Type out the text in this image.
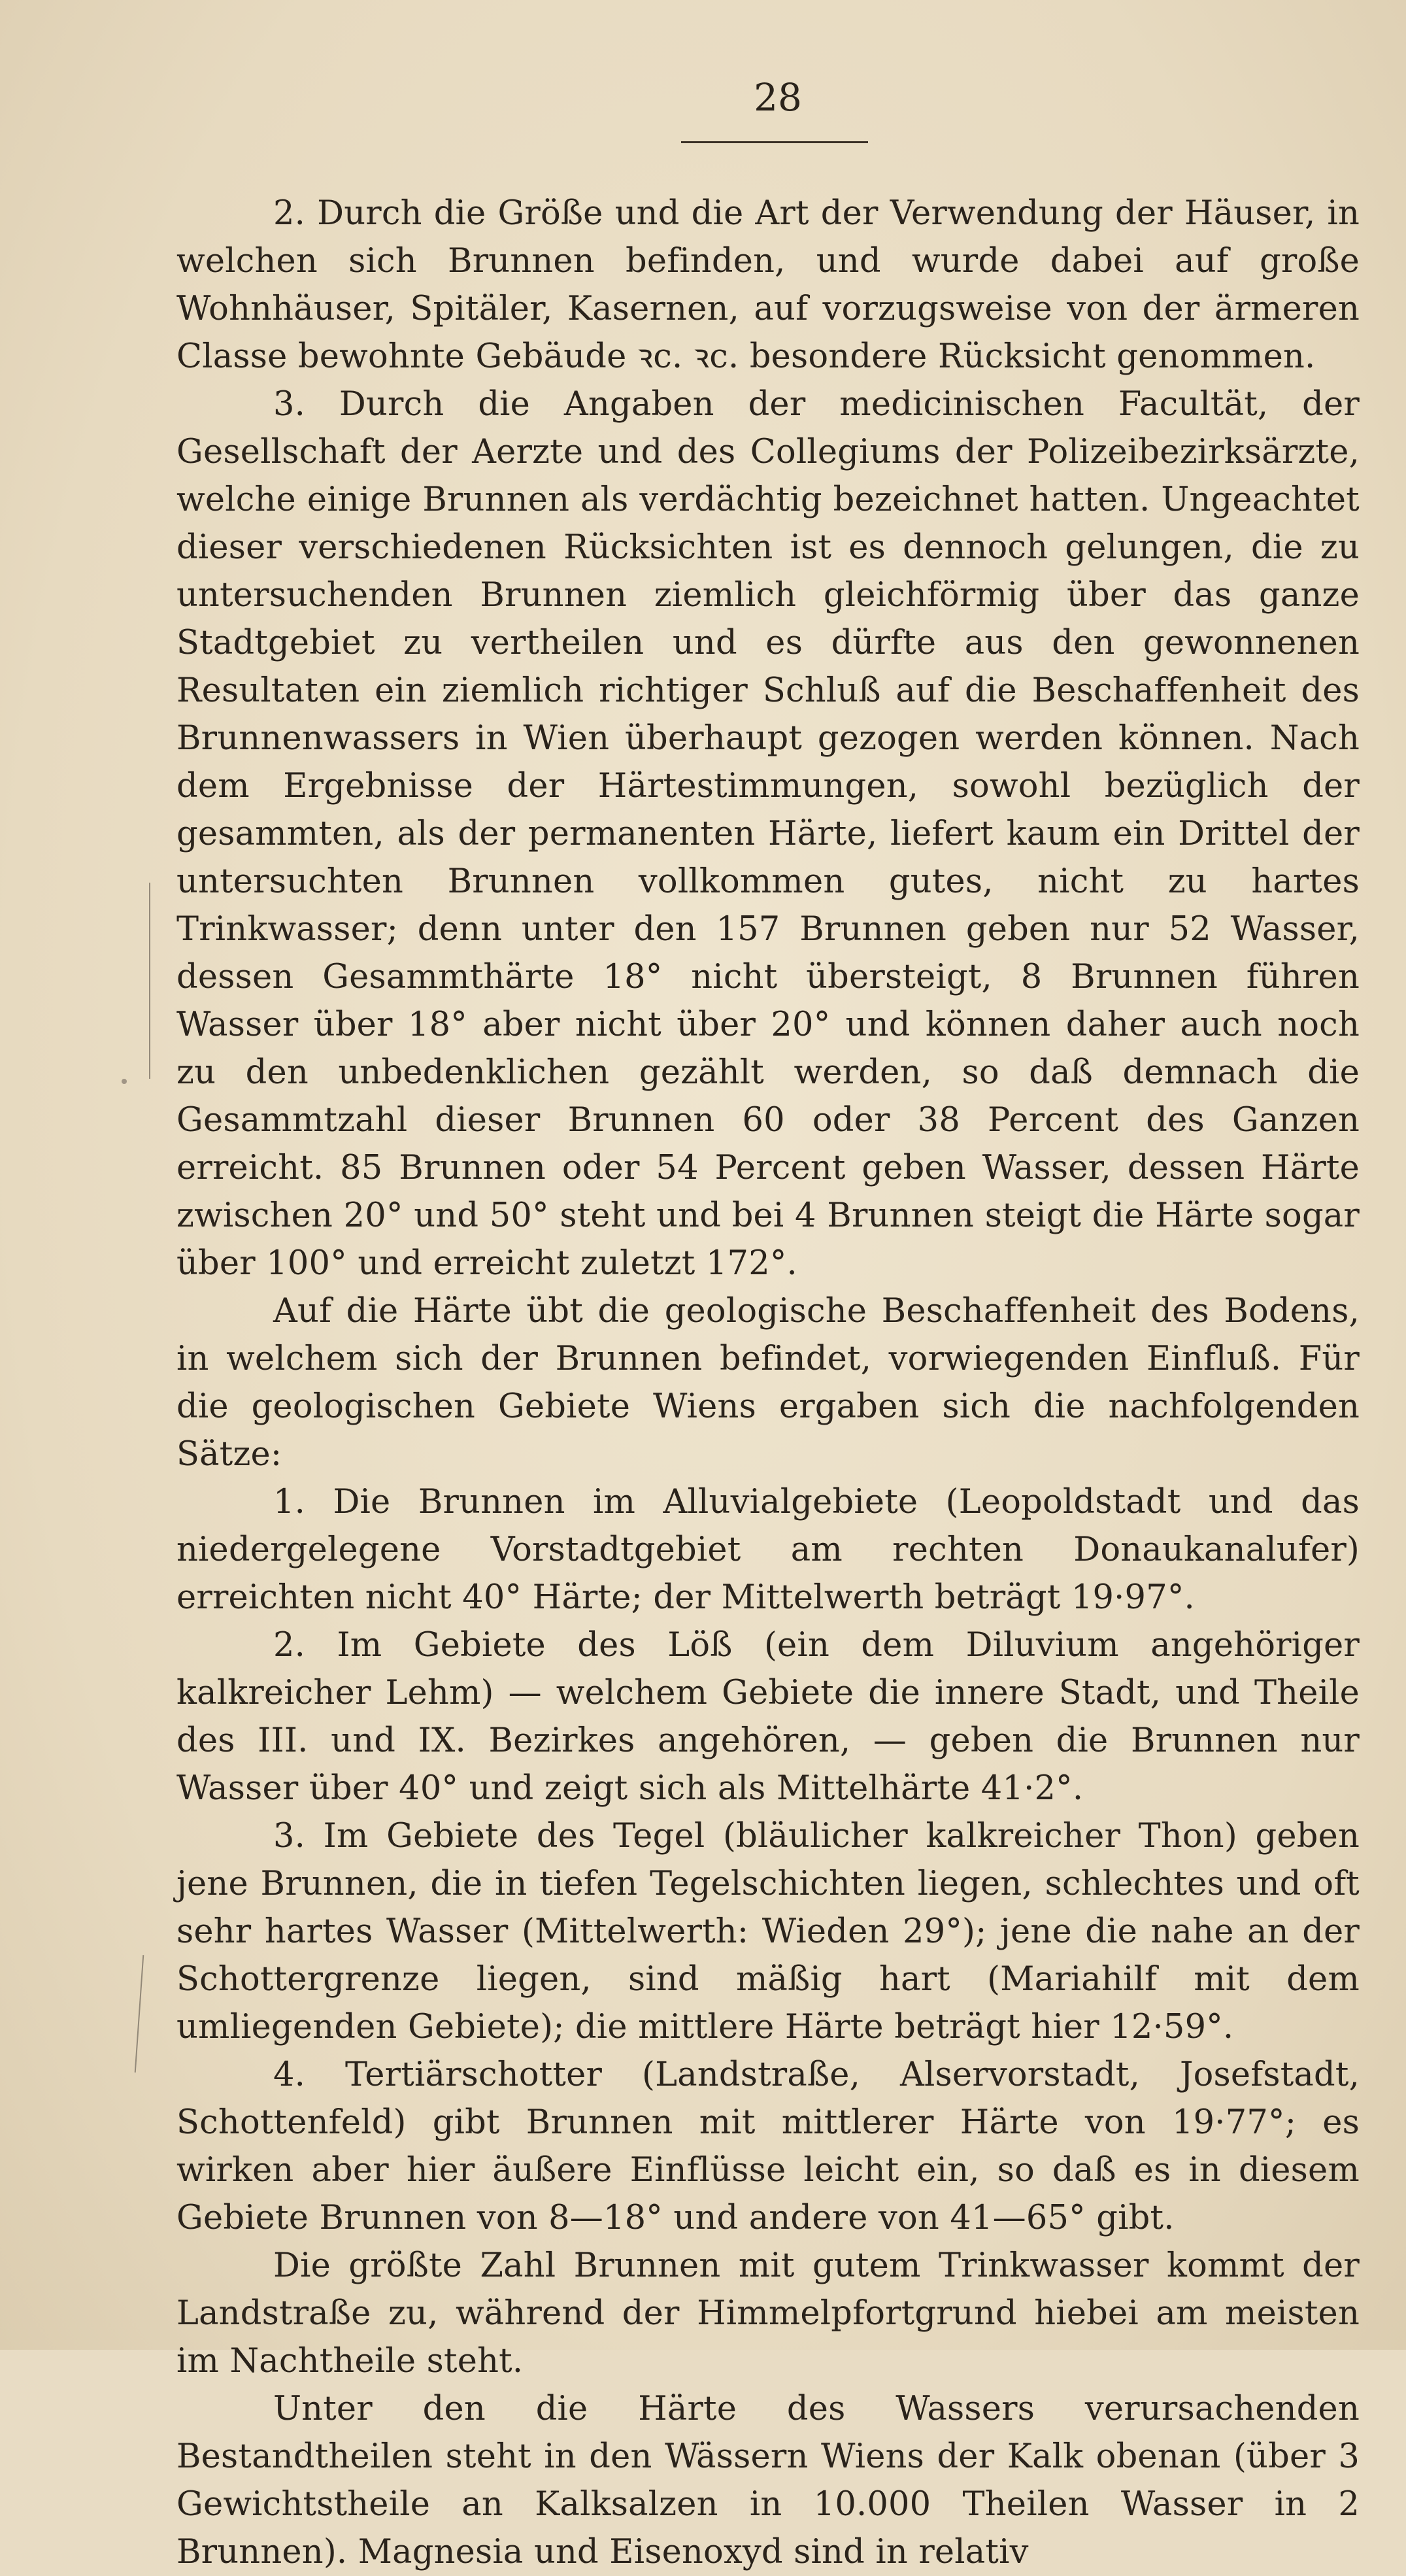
28

2. Durch die Größe und die Art der Verwendung der Häuser, in welchen sich Brunnen befinden, und wurde dabei auf große Wohnhäuser, Spitäler, Kasernen, auf vorzugsweise von der ärmeren Classe bewohnte Gebäude ꝛc. ꝛc. besondere Rücksicht genommen.

3. Durch die Angaben der medicinischen Facultät, der Gesellschaft der Aerzte und des Collegiums der Polizeibezirksärzte, welche einige Brunnen als verdächtig bezeichnet hatten. Ungeachtet dieser verschiedenen Rücksichten ist es dennoch gelungen, die zu untersuchenden Brunnen ziemlich gleichförmig über das ganze Stadtgebiet zu vertheilen und es dürfte aus den gewonnenen Resultaten ein ziemlich richtiger Schluß auf die Beschaffenheit des Brunnenwassers in Wien überhaupt gezogen werden können. Nach dem Ergebnisse der Härtestimmungen, sowohl bezüglich der gesammten, als der permanenten Härte, liefert kaum ein Drittel der untersuchten Brunnen vollkommen gutes, nicht zu hartes Trinkwasser; denn unter den 157 Brunnen geben nur 52 Wasser, dessen Gesammthärte 18° nicht übersteigt, 8 Brunnen führen Wasser über 18° aber nicht über 20° und können daher auch noch zu den unbedenklichen gezählt werden, so daß demnach die Gesammtzahl dieser Brunnen 60 oder 38 Percent des Ganzen erreicht. 85 Brunnen oder 54 Percent geben Wasser, dessen Härte zwischen 20° und 50° steht und bei 4 Brunnen steigt die Härte sogar über 100° und erreicht zuletzt 172°.

Auf die Härte übt die geologische Beschaffenheit des Bodens, in welchem sich der Brunnen befindet, vorwiegenden Einfluß. Für die geologischen Gebiete Wiens ergaben sich die nachfolgenden Sätze:

1. Die Brunnen im Alluvialgebiete (Leopoldstadt und das niedergelegene Vorstadtgebiet am rechten Donaukanalufer) erreichten nicht 40° Härte; der Mittelwerth beträgt 19·97°.

2. Im Gebiete des Löß (ein dem Diluvium angehöriger kalkreicher Lehm) — welchem Gebiete die innere Stadt, und Theile des III. und IX. Bezirkes angehören, — geben die Brunnen nur Wasser über 40° und zeigt sich als Mittelhärte 41·2°.

3. Im Gebiete des Tegel (bläulicher kalkreicher Thon) geben jene Brunnen, die in tiefen Tegelschichten liegen, schlechtes und oft sehr hartes Wasser (Mittelwerth: Wieden 29°); jene die nahe an der Schottergrenze liegen, sind mäßig hart (Mariahilf mit dem umliegenden Gebiete); die mittlere Härte beträgt hier 12·59°.

4. Tertiärschotter (Landstraße, Alservorstadt, Josefstadt, Schottenfeld) gibt Brunnen mit mittlerer Härte von 19·77°; es wirken aber hier äußere Einflüsse leicht ein, so daß es in diesem Gebiete Brunnen von 8—18° und andere von 41—65° gibt.

Die größte Zahl Brunnen mit gutem Trinkwasser kommt der Landstraße zu, während der Himmelpfortgrund hiebei am meisten im Nachtheile steht.

Unter den die Härte des Wassers verursachenden Bestandtheilen steht in den Wässern Wiens der Kalk obenan (über 3 Gewichtstheile an Kalksalzen in 10.000 Theilen Wasser in 2 Brunnen). Magnesia und Eisenoxyd sind in relativ
